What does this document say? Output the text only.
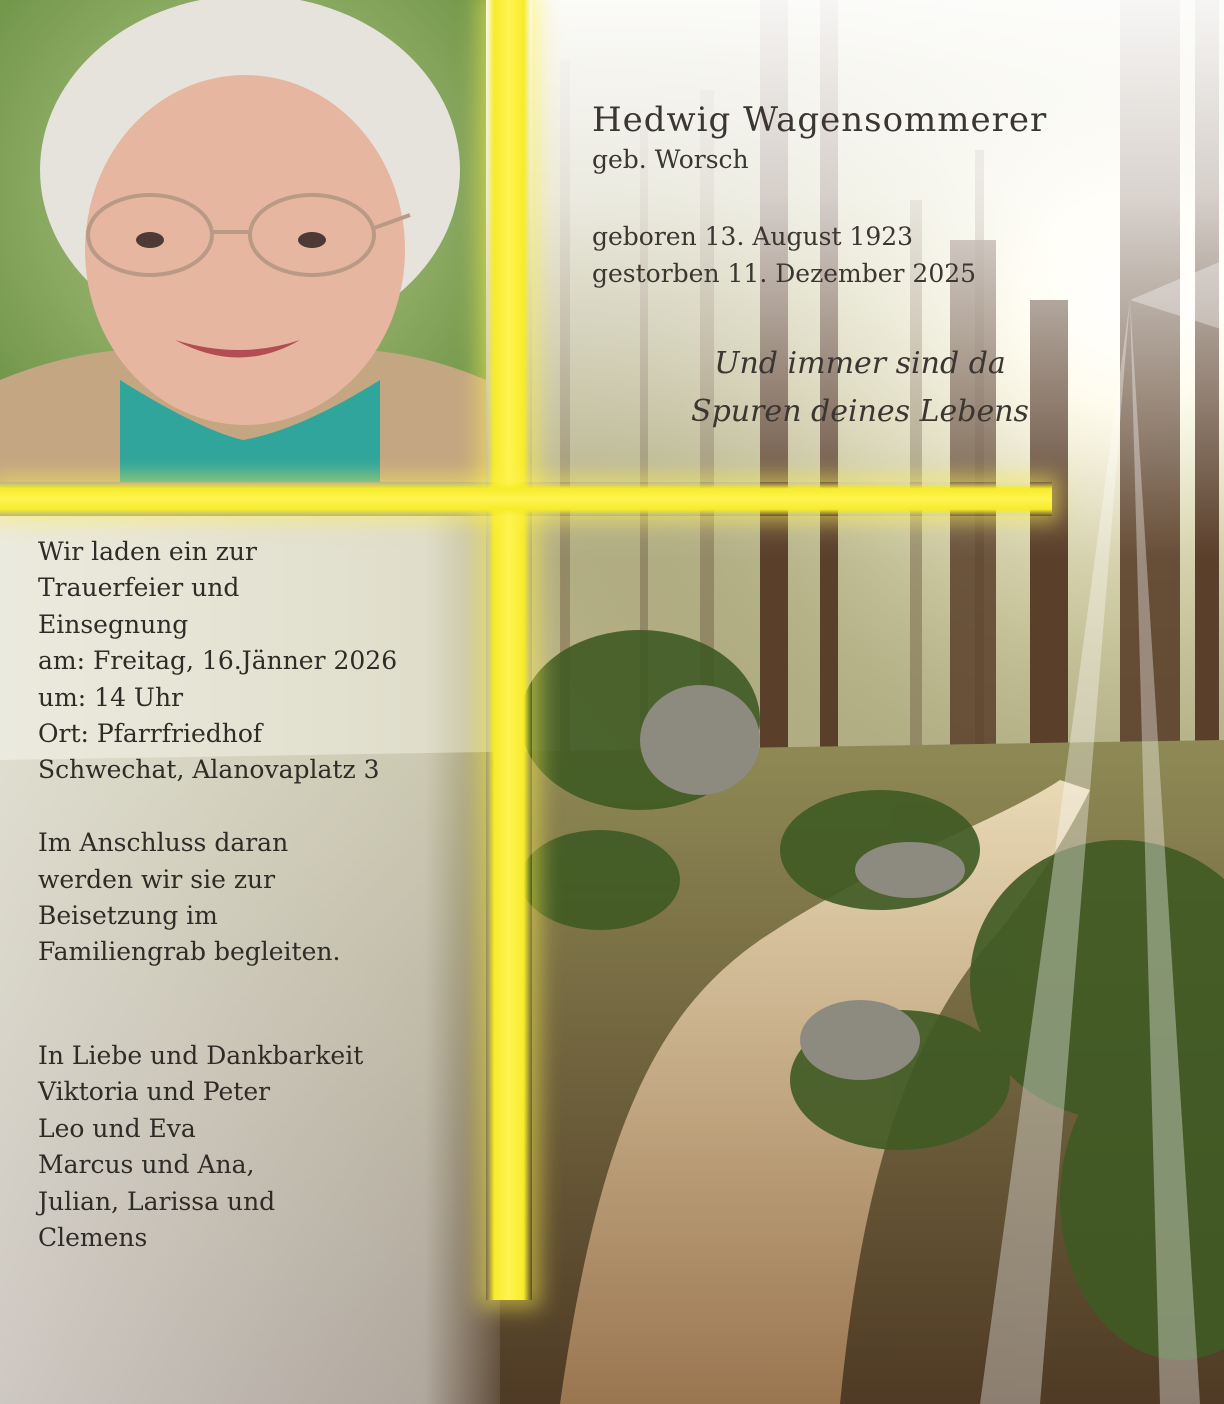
Hedwig Wagensommerer
geb. Worsch
geboren 13. August 1923
gestorben 11. Dezember 2025
Und immer sind da
Spuren deines Lebens
Wir laden ein zur
Trauerfeier und
Einsegnung
am: Freitag, 16.Jänner 2026
um: 14 Uhr
Ort: Pfarrfriedhof
Schwechat, Alanovaplatz 3

Im Anschluss daran
werden wir sie zur
Beisetzung im
Familiengrab begleiten.
In Liebe und Dankbarkeit
Viktoria und Peter
Leo und Eva
Marcus und Ana,
Julian, Larissa und
Clemens
